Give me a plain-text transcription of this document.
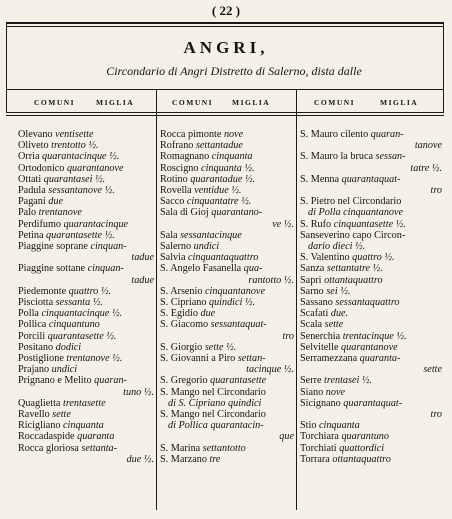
( 22 )
ANGRI,
Circondario di Angri Distretto di Salerno, dista dalle
COMUNI	MIGLIA	COMUNI	MIGLIA	COMUNI	MIGLIA
Olevano ventisette
Oliveto trentotto ½.
Orria quarantacinque ½.
Ortodonico quarantanove
Ottati quarantasei ½.
Padula sessantanove ½.
Pagani due
Palo trentanove
Perdifumo quarantacinque
Petina quarantasette ½.
Piaggine soprane cinquan-
tadue
Piaggine sottane cinquan-
tadue
Piedemonte quattro ½.
Pisciotta sessanta ½.
Polla cinquantacinque ½.
Pollica cinquantuno
Porcili quarantasette ½.
Positano dodici
Postiglione trentanove ½.
Prajano undici
Prignano e Melito quaran-
tuno ½.
Quaglietta trentasette
Ravello sette
Ricigliano cinquanta
Roccadaspide quaranta
Rocca gloriosa settanta-
due ½.
Rocca pimonte nove
Rofrano settantadue
Romagnano cinquanta
Roscigno cinquanta ½.
Rotino quarantadue ½.
Rovella ventidue ½.
Sacco cinquantatre ½.
Sala di Gioj quarantano-
ve ½.
Sala sessantacinque
Salerno undici
Salvia cinquantaquattro
S. Angelo Fasanella qua-
rantotto ½.
S. Arsenio cinquantanove
S. Cipriano quindici ½.
S. Egidio due
S. Giacomo sessantaquat-
tro
S. Giorgio sette ½.
S. Giovanni a Piro settan-
tacinque ½.
S. Gregorio quarantasette
S. Mango nel Circondario
di S. Cipriano quindici
S. Mango nel Circondario
di Pollica quarantacin-
que
S. Marina settantotto
S. Marzano tre
S. Mauro cilento quaran-
tanove
S. Mauro la bruca sessan-
tatre ½.
S. Menna quarantaquat-
tro
S. Pietro nel Circondario
di Polla cinquantanove
S. Rufo cinquantasette ½.
Sanseverino capo Circon-
dario dieci ½.
S. Valentino quattro ½.
Sanza settantatre ½.
Sapri ottantaquattro
Sarno sei ½.
Sassano sessantaquattro
Scafati due.
Scala sette
Senerchia trentacinque ½.
Selvitelle quarantanove
Serramezzana quaranta-
sette
Serre trentasei ½.
Siano nove
Sicignano quarantaquat-
tro
Stio cinquanta
Torchiara quarantuno
Torchiati quattordici
Torrara ottantaquattro
